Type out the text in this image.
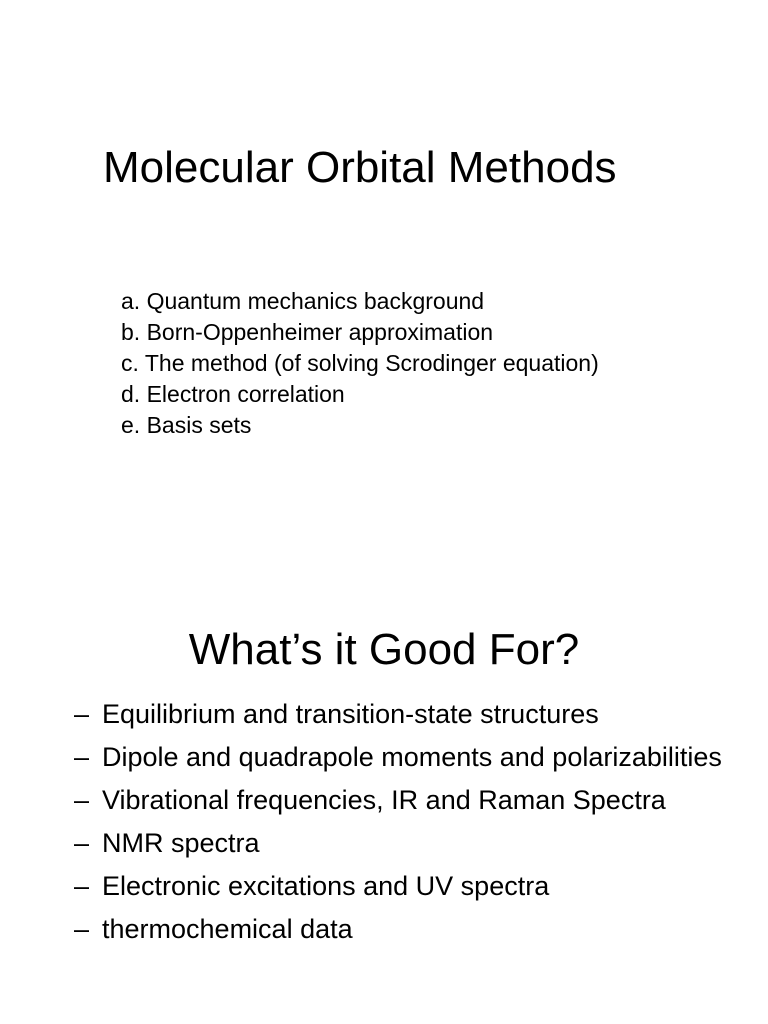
Molecular Orbital Methods
a. Quantum mechanics background
b. Born-Oppenheimer approximation
c. The method (of solving Scrodinger equation)
d. Electron correlation
e. Basis sets
What’s it Good For?
– Equilibrium and transition-state structures
– Dipole and quadrapole moments and polarizabilities
– Vibrational frequencies, IR and Raman Spectra
– NMR spectra
– Electronic excitations and UV spectra
– thermochemical data
